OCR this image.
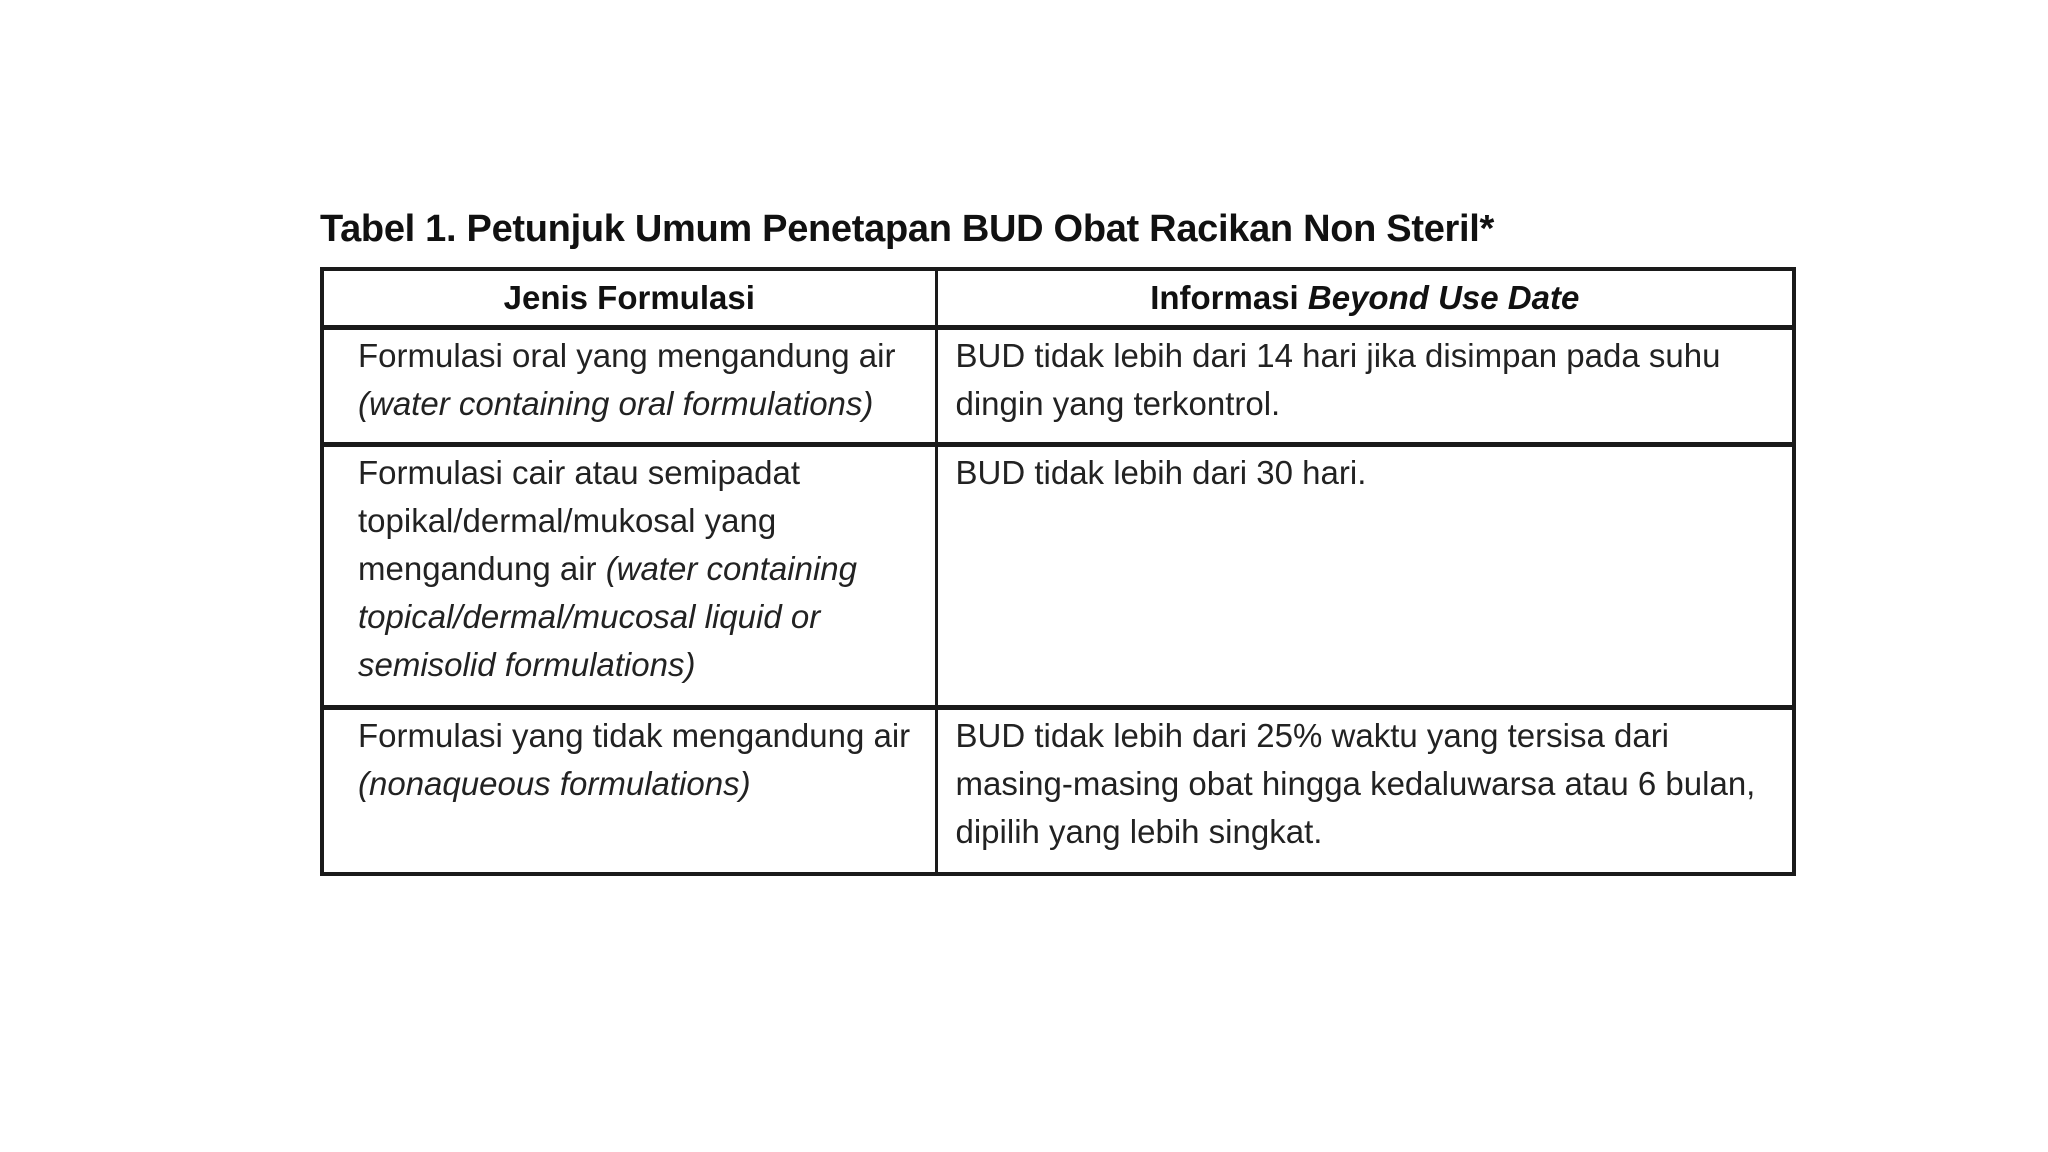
Tabel 1. Petunjuk Umum Penetapan BUD Obat Racikan Non Steril*
Jenis Formulasi	Informasi Beyond Use Date
Formulasi oral yang mengandung air (water containing oral formulations)	BUD tidak lebih dari 14 hari jika disimpan pada suhu dingin yang terkontrol.
Formulasi cair atau semipadat topikal/dermal/mukosal yang mengandung air (water containing topical/dermal/mucosal liquid or semisolid formulations)	BUD tidak lebih dari 30 hari.
Formulasi yang tidak mengandung air (nonaqueous formulations)	BUD tidak lebih dari 25% waktu yang tersisa dari masing-masing obat hingga kedaluwarsa atau 6 bulan, dipilih yang lebih singkat.
